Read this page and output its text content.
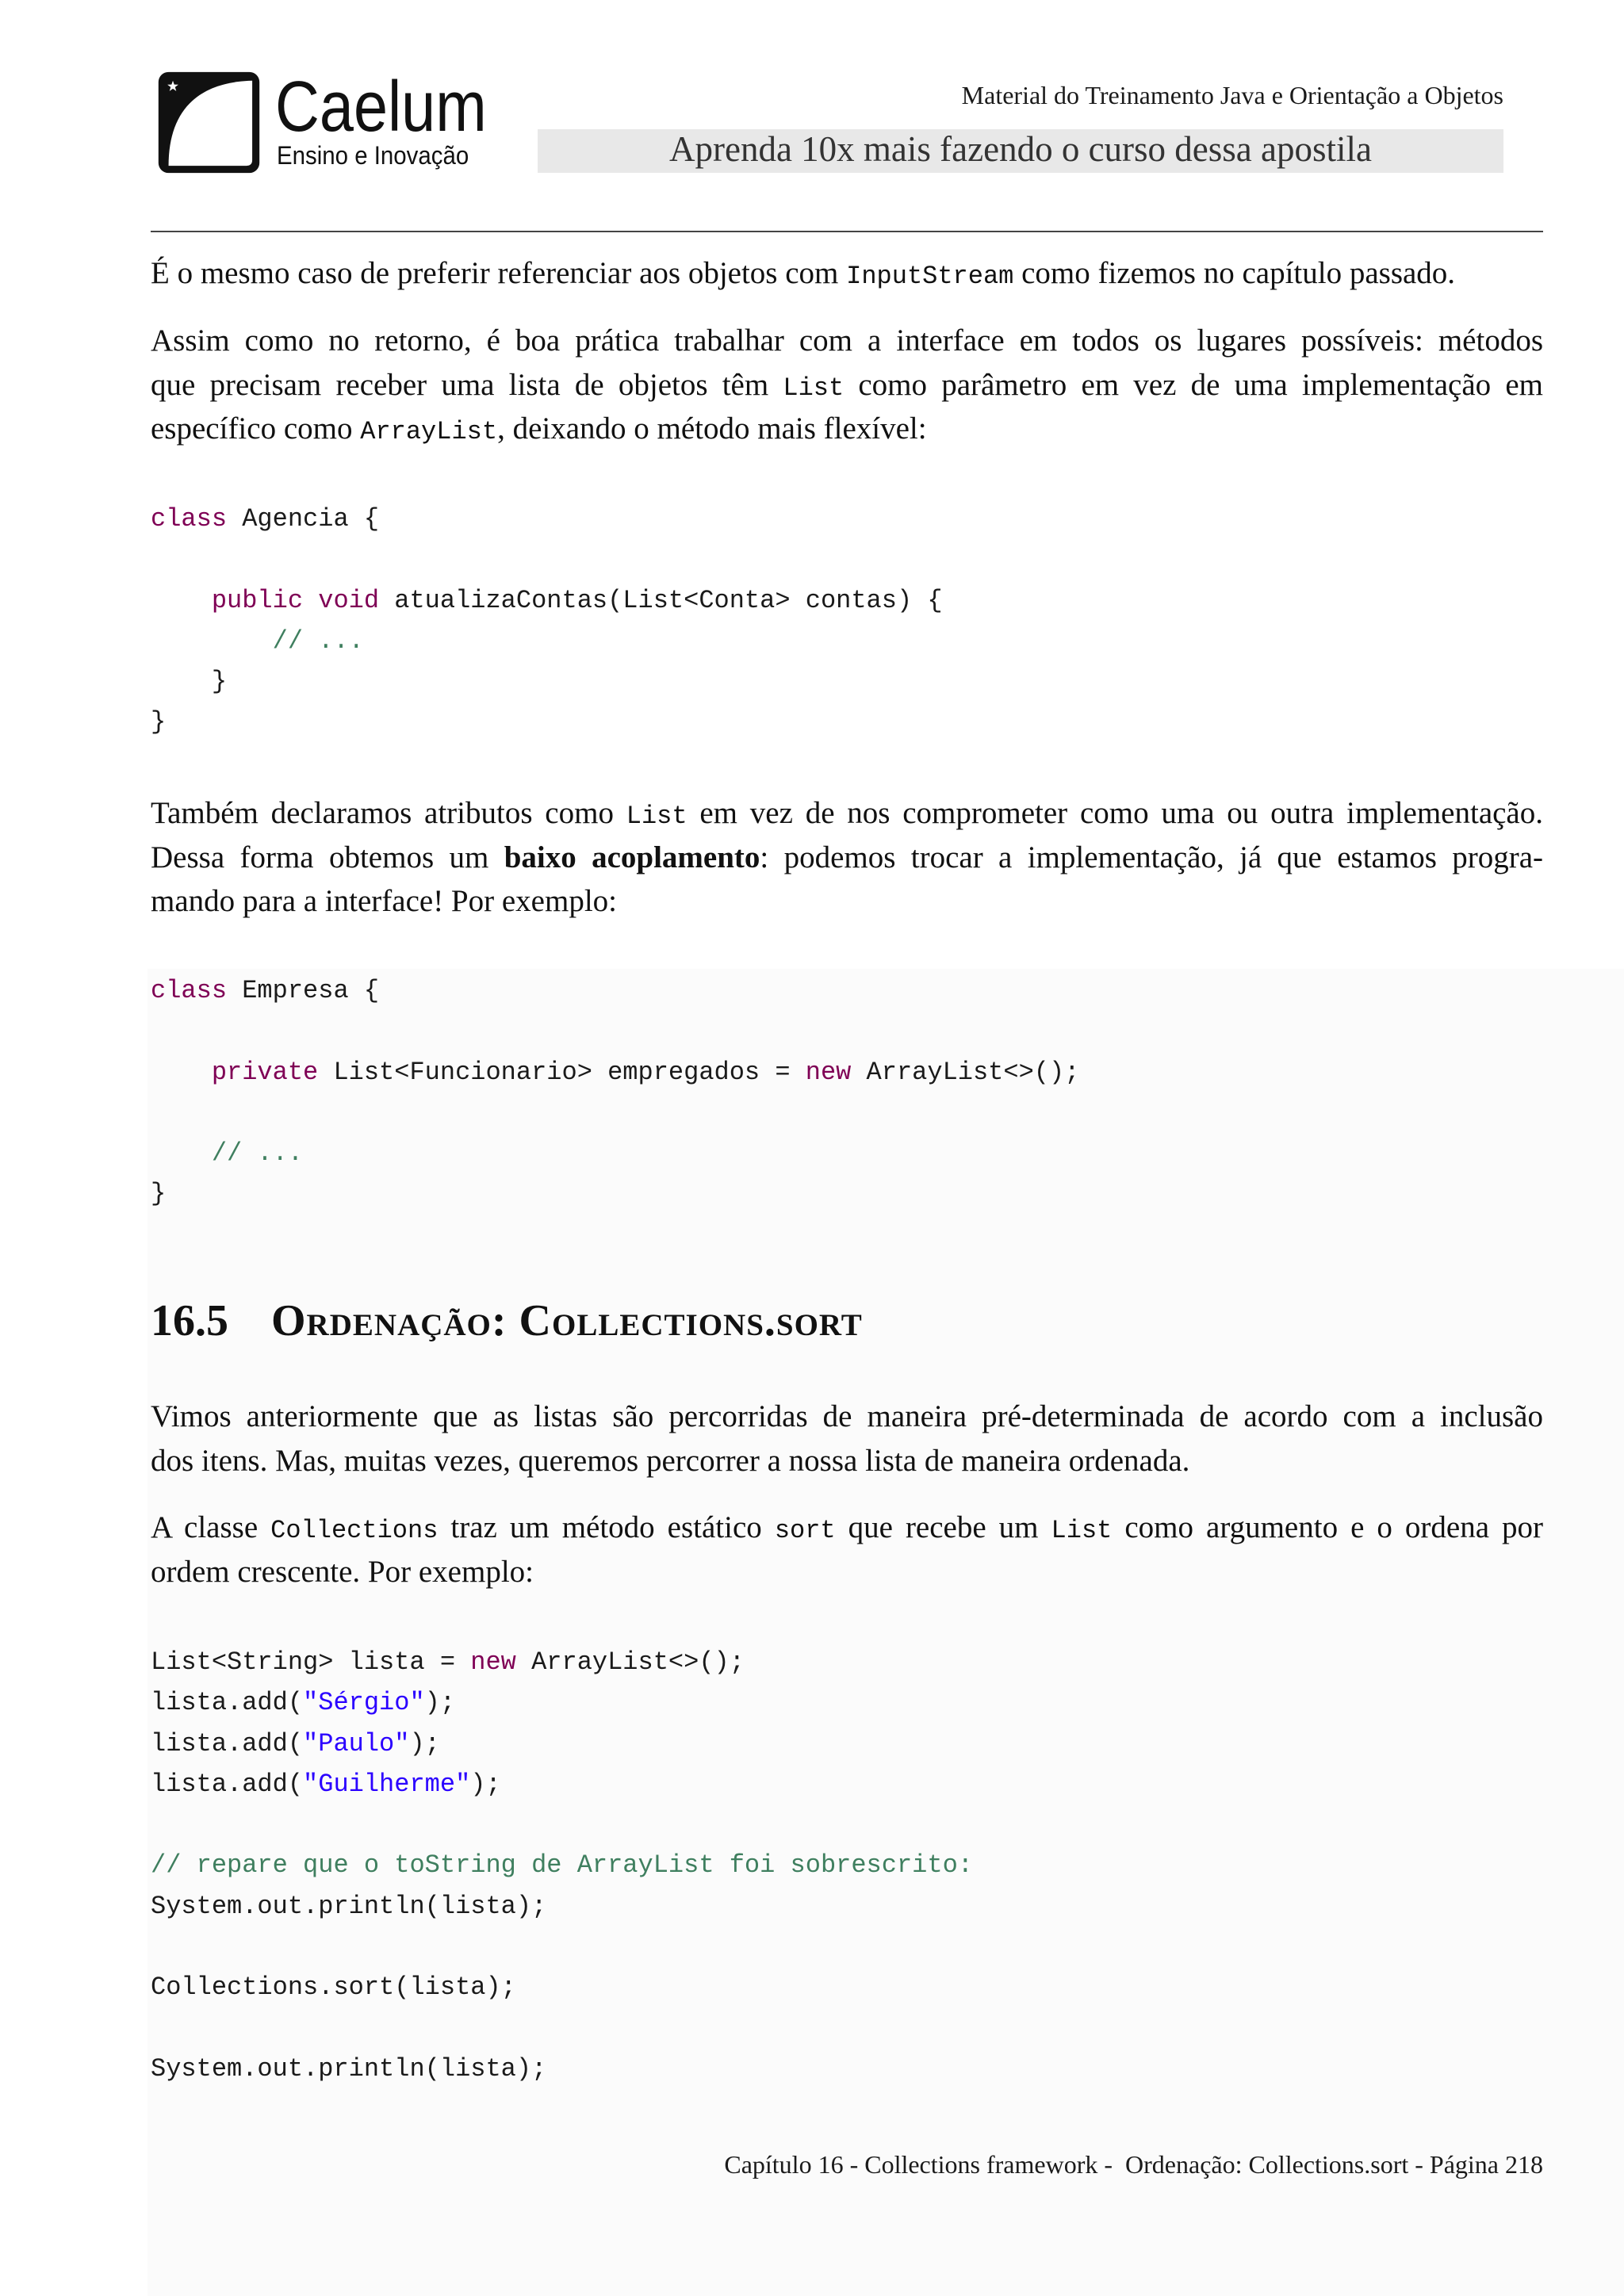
Caelum
Ensino e Inovação
Material do Treinamento Java e Orientação a Objetos
Aprenda 10x mais fazendo o curso dessa apostila
É o mesmo caso de preferir referenciar aos objetos com InputStream como fizemos no capítulo passado.
Assim como no retorno, é boa prática trabalhar com a interface em todos os lugares possíveis: métodos
que precisam receber uma lista de objetos têm List como parâmetro em vez de uma implementação em
específico como ArrayList, deixando o método mais flexível:
class Agencia {
public void atualizaContas(List<Conta> contas) {
// ...
}
}
Também declaramos atributos como List em vez de nos comprometer como uma ou outra implementação.
Dessa forma obtemos um baixo acoplamento: podemos trocar a implementação, já que estamos progra-
mando para a interface! Por exemplo:
class Empresa {
private List<Funcionario> empregados = new ArrayList<>();
// ...
}
16.5 Ordenação: Collections.sort
Vimos anteriormente que as listas são percorridas de maneira pré-determinada de acordo com a inclusão
dos itens. Mas, muitas vezes, queremos percorrer a nossa lista de maneira ordenada.
A classe Collections traz um método estático sort que recebe um List como argumento e o ordena por
ordem crescente. Por exemplo:
List<String> lista = new ArrayList<>();
lista.add("Sérgio");
lista.add("Paulo");
lista.add("Guilherme");
// repare que o toString de ArrayList foi sobrescrito:
System.out.println(lista);
Collections.sort(lista);
System.out.println(lista);
Capítulo 16 - Collections framework -  Ordenação: Collections.sort - Página 218
